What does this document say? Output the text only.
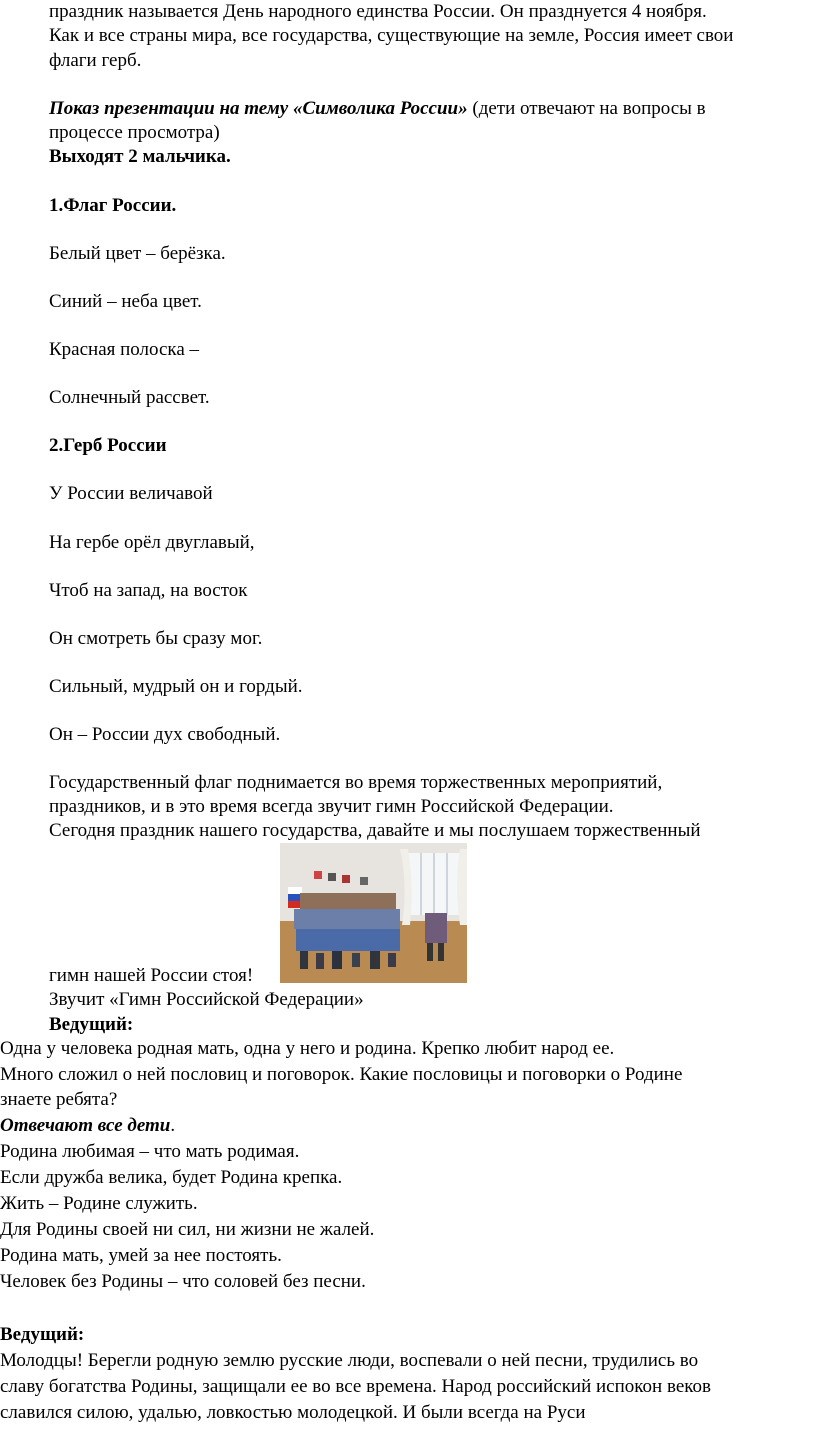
праздник называется День народного единства России. Он празднуется 4 ноября.

Как и все страны мира, все государства, существующие на земле, Россия имеет свои

флаги герб.

Показ презентации на тему «Символика России» (дети отвечают на вопросы в

процессе просмотра)

Выходят 2 мальчика.

1.Флаг России.

Белый цвет – берёзка.

Синий – неба цвет.

Красная полоска –

Солнечный рассвет.

2.Герб России

У России величавой

На гербе орёл двуглавый,

Чтоб на запад, на восток

Он смотреть бы сразу мог.

Сильный, мудрый он и гордый.

Он – России дух свободный.

Государственный флаг поднимается во время торжественных мероприятий,

праздников, и в это время всегда звучит гимн Российской Федерации.

Сегодня праздник нашего государства, давайте и мы послушаем торжественный

гимн нашей России стоя!

Звучит «Гимн Российской Федерации»

Ведущий:

Одна у человека родная мать, одна у него и родина. Крепко любит народ ее.

Много сложил о ней пословиц и поговорок. Какие пословицы и поговорки о Родине

знаете ребята?

Отвечают все дети.

Родина любимая – что мать родимая.

Если дружба велика, будет Родина крепка.

Жить – Родине служить.

Для Родины своей ни сил, ни жизни не жалей.

Родина мать, умей за нее постоять.

Человек без Родины – что соловей без песни.

Ведущий:

Молодцы! Берегли родную землю русские люди, воспевали о ней песни, трудились во

славу богатства Родины, защищали ее во все времена. Народ российский испокон веков

славился силою, удалью, ловкостью молодецкой. И были всегда на Руси
